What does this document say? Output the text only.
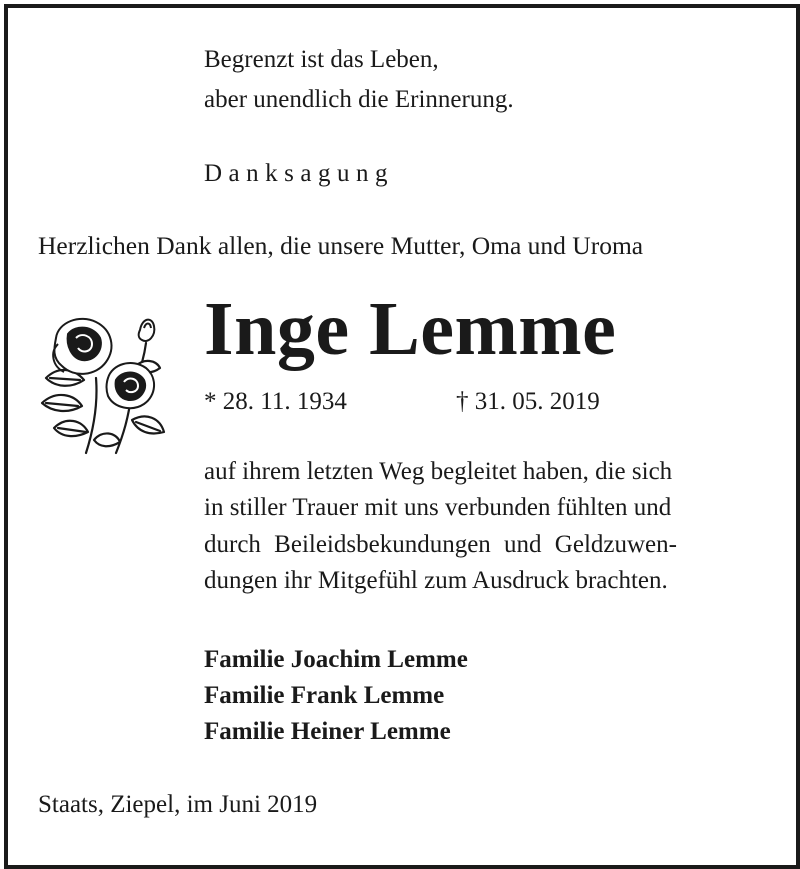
Begrenzt ist das Leben,
aber unendlich die Erinnerung.
Danksagung
Herzlichen Dank allen, die unsere Mutter, Oma und Uroma
Inge Lemme
* 28. 11. 1934	† 31. 05. 2019
auf ihrem letzten Weg begleitet haben, die sich
in stiller Trauer mit uns verbunden fühlten und
durch Beileidsbekundungen und Geldzuwen-
dungen ihr Mitgefühl zum Ausdruck brachten.
Familie Joachim Lemme
Familie Frank Lemme
Familie Heiner Lemme
Staats, Ziepel, im Juni 2019
